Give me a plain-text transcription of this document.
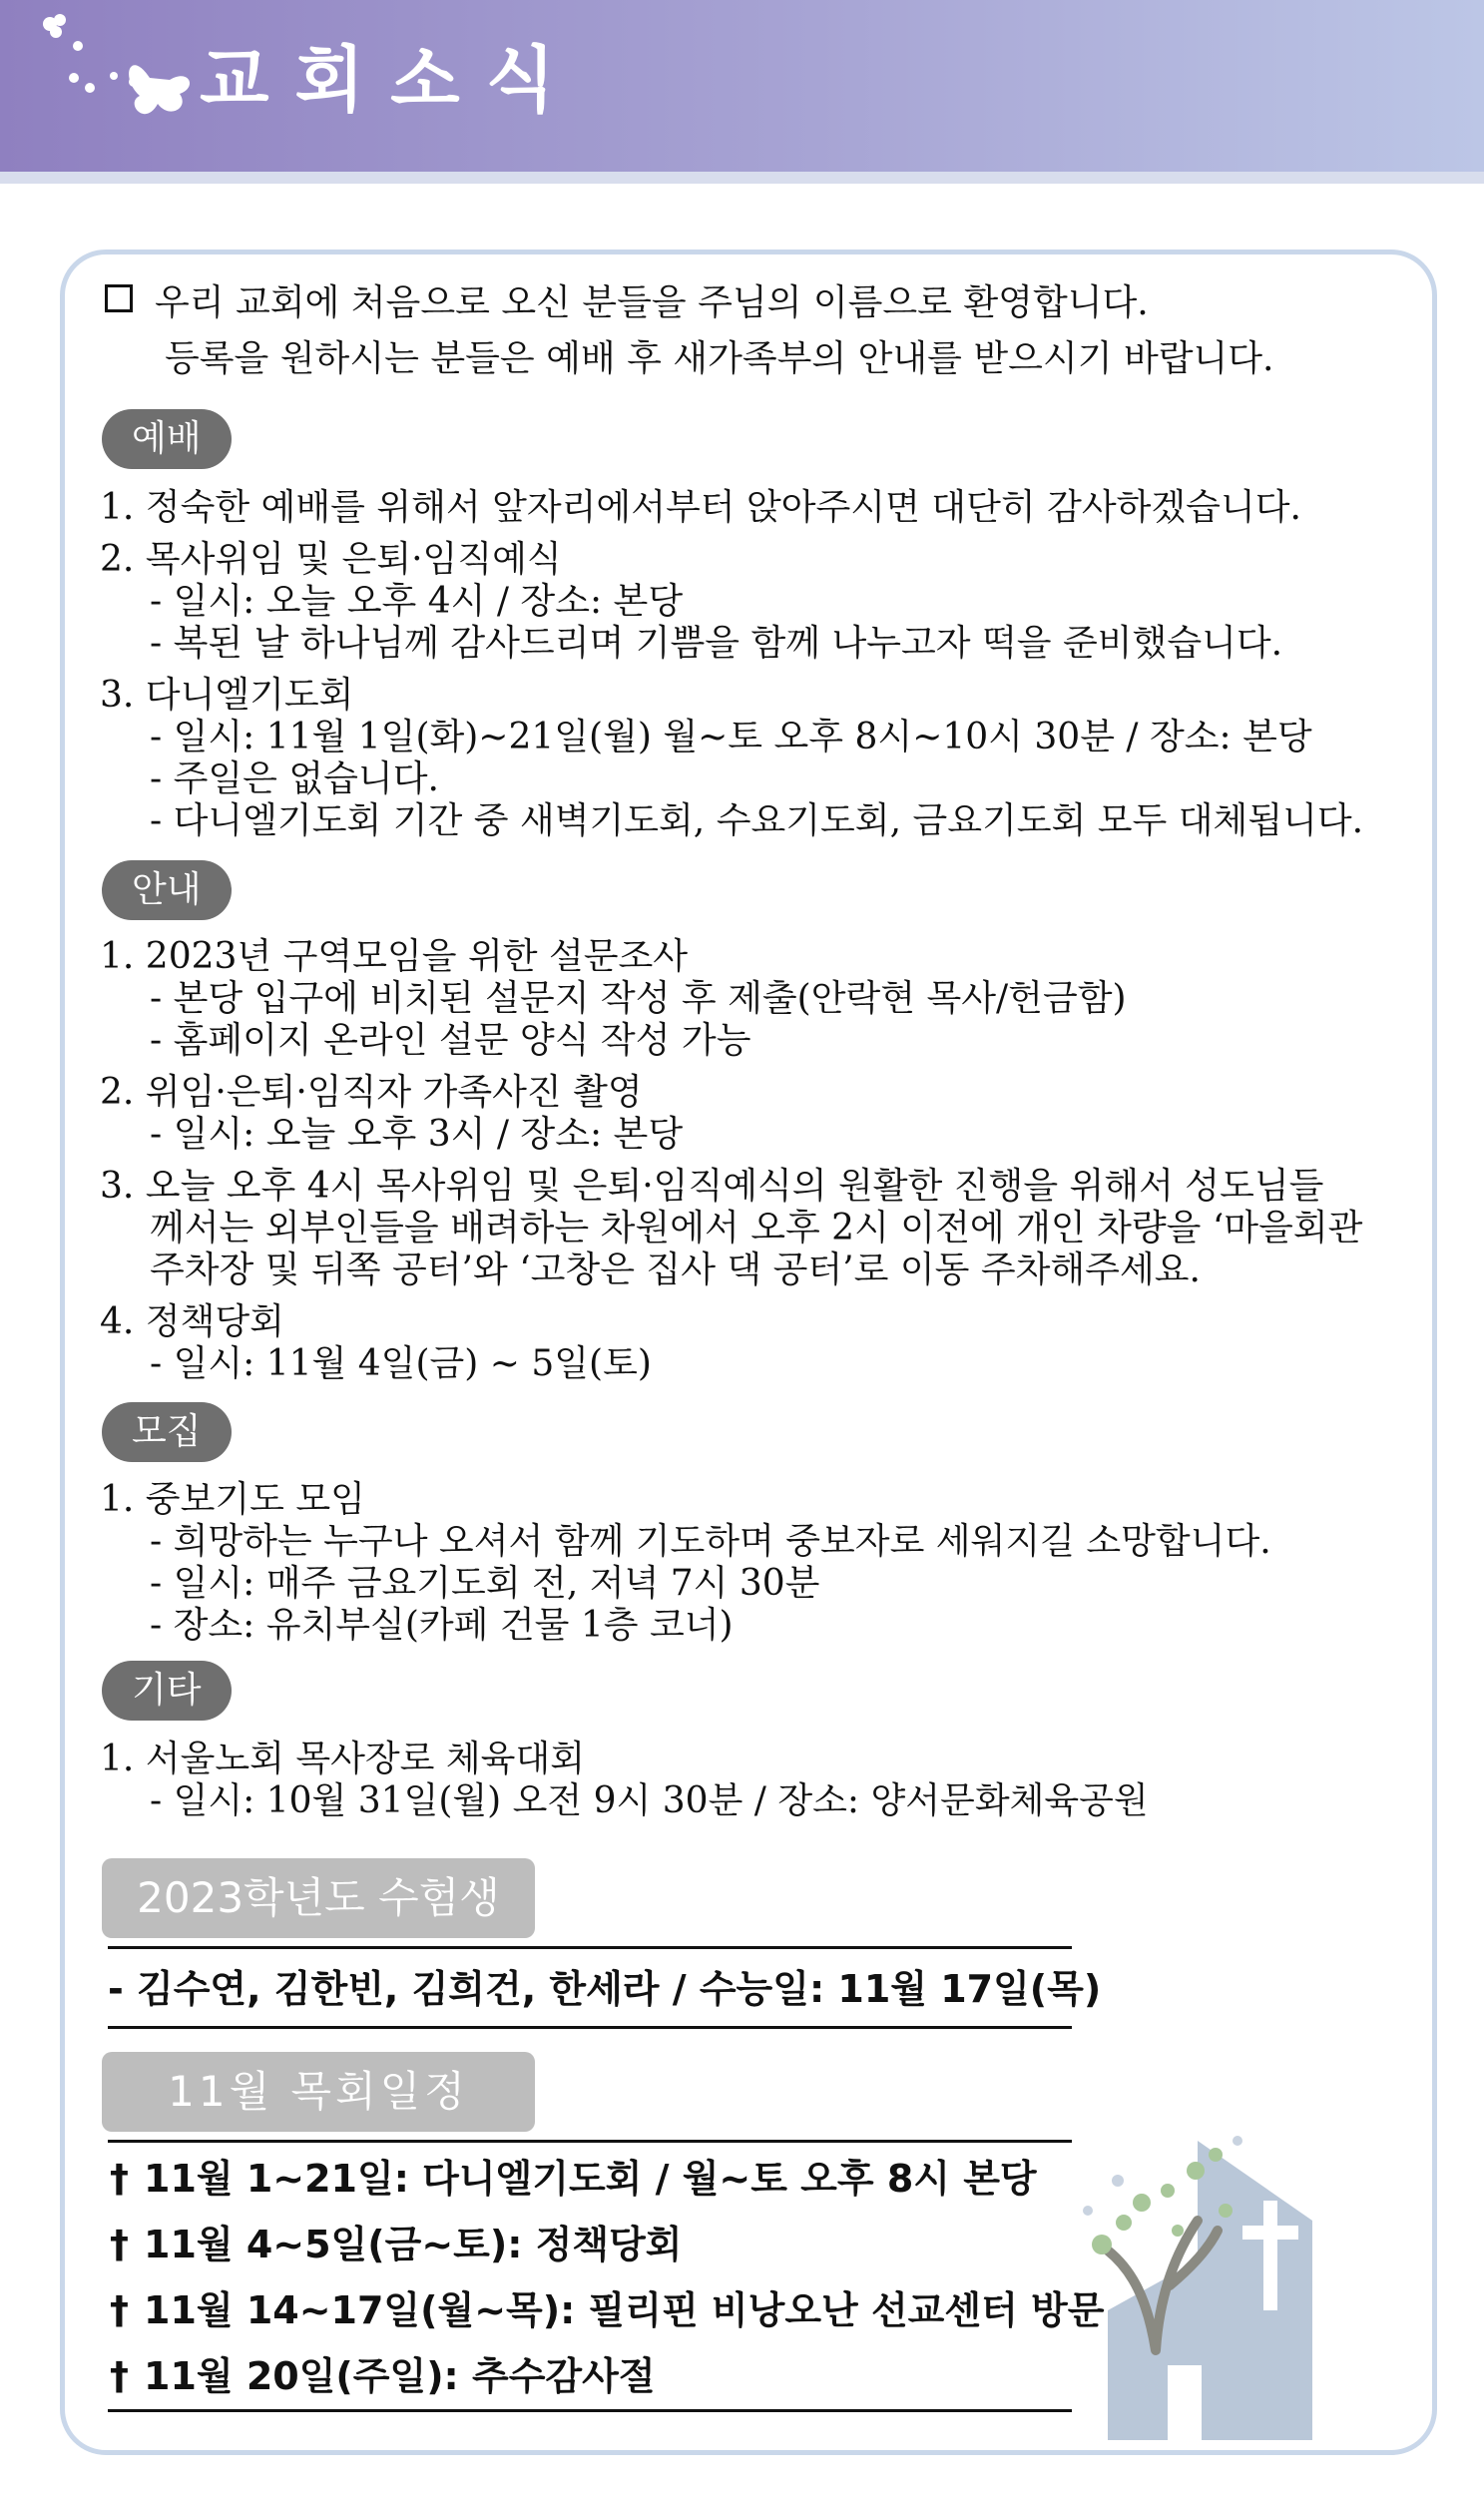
교회소식
우리 교회에 처음으로 오신 분들을 주님의 이름으로 환영합니다.
등록을 원하시는 분들은 예배 후 새가족부의 안내를 받으시기 바랍니다.
예배
1. 정숙한 예배를 위해서 앞자리에서부터 앉아주시면 대단히 감사하겠습니다.
2. 목사위임 및 은퇴·임직예식
- 일시: 오늘 오후 4시 / 장소: 본당
- 복된 날 하나님께 감사드리며 기쁨을 함께 나누고자 떡을 준비했습니다.
3. 다니엘기도회
- 일시: 11월 1일(화)~21일(월) 월~토 오후 8시~10시 30분 / 장소: 본당
- 주일은 없습니다.
- 다니엘기도회 기간 중 새벽기도회, 수요기도회, 금요기도회 모두 대체됩니다.
안내
1. 2023년 구역모임을 위한 설문조사
- 본당 입구에 비치된 설문지 작성 후 제출(안락현 목사/헌금함)
- 홈페이지 온라인 설문 양식 작성 가능
2. 위임·은퇴·임직자 가족사진 촬영
- 일시: 오늘 오후 3시 / 장소: 본당
3. 오늘 오후 4시 목사위임 및 은퇴·임직예식의 원활한 진행을 위해서 성도님들
께서는 외부인들을 배려하는 차원에서 오후 2시 이전에 개인 차량을 ‘마을회관
주차장 및 뒤쪽 공터’와 ‘고창은 집사 댁 공터’로 이동 주차해주세요.
4. 정책당회
- 일시: 11월 4일(금) ~ 5일(토)
모집
1. 중보기도 모임
- 희망하는 누구나 오셔서 함께 기도하며 중보자로 세워지길 소망합니다.
- 일시: 매주 금요기도회 전, 저녁 7시 30분
- 장소: 유치부실(카페 건물 1층 코너)
기타
1. 서울노회 목사장로 체육대회
- 일시: 10월 31일(월) 오전 9시 30분 / 장소: 양서문화체육공원
2023학년도 수험생
- 김수연, 김한빈, 김희건, 한세라 / 수능일: 11월 17일(목)
11월 목회일정
† 11월 1~21일: 다니엘기도회 / 월~토 오후 8시 본당
† 11월 4~5일(금~토): 정책당회
† 11월 14~17일(월~목): 필리핀 비낭오난 선교센터 방문
† 11월 20일(주일): 추수감사절
